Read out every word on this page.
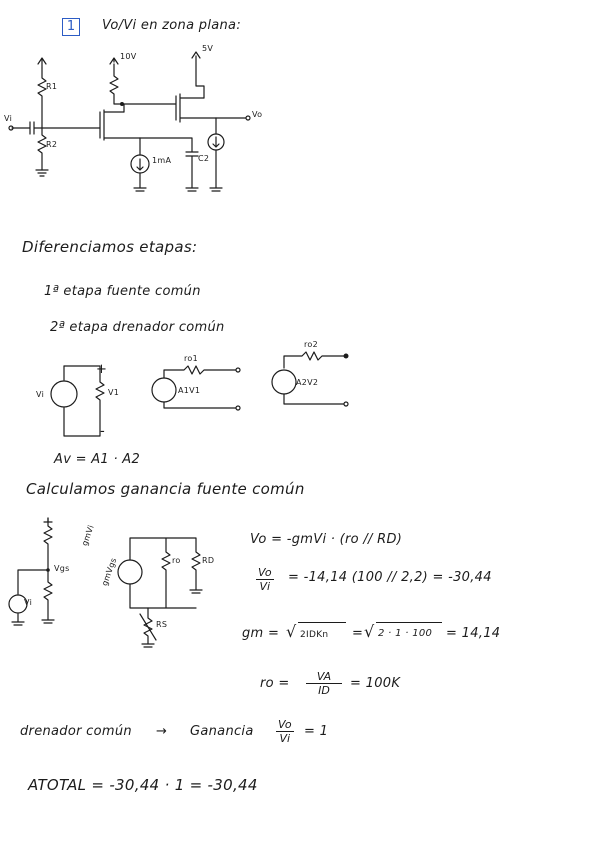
1	Vo/Vi en zona plana:
R1
R2
Vi
10V
5V
Vo
1mA	C2
Diferenciamos etapas:
1ª etapa fuente común
2ª etapa drenador común
Vi
+
V1
-
ro1
A1V1
ro2
A2V2
Av = A1 · A2
Calculamos ganancia fuente común
Vi
Vgs
gmVi
gmVgs	ro	RD
RS
Vo = -gmVi · (ro // RD)
$\frac{Vo}{Vi} = -14,14$ (100 // 2,2) = -30,44
gm = √ 2IDKn = √ 2 · 1 · 100 = 14,14
ro = $\frac{VA}{ID} = 100K$
drenador común → Ganancia $\frac{Vo}{Vi} = 1$
ATOTAL = -30,44 · 1 = -30,44
